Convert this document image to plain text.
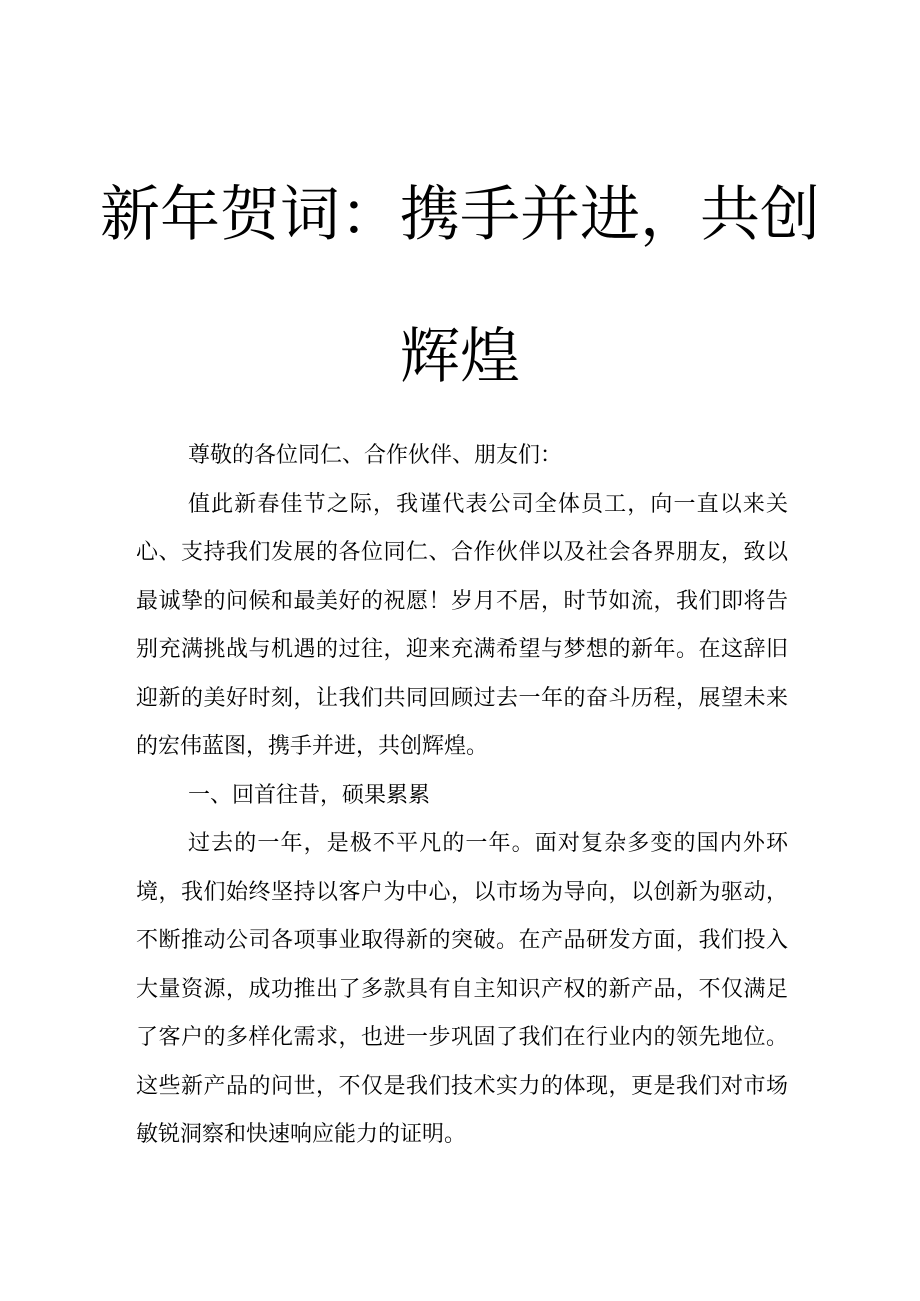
新年贺词：携手并进，共创
辉煌

尊敬的各位同仁、合作伙伴、朋友们：

值此新春佳节之际，我谨代表公司全体员工，向一直以来关心、支持我们发展的各位同仁、合作伙伴以及社会各界朋友，致以最诚挚的问候和最美好的祝愿！岁月不居，时节如流，我们即将告别充满挑战与机遇的过往，迎来充满希望与梦想的新年。在这辞旧迎新的美好时刻，让我们共同回顾过去一年的奋斗历程，展望未来的宏伟蓝图，携手并进，共创辉煌。

一、回首往昔，硕果累累

过去的一年，是极不平凡的一年。面对复杂多变的国内外环境，我们始终坚持以客户为中心，以市场为导向，以创新为驱动，不断推动公司各项事业取得新的突破。在产品研发方面，我们投入大量资源，成功推出了多款具有自主知识产权的新产品，不仅满足了客户的多样化需求，也进一步巩固了我们在行业内的领先地位。这些新产品的问世，不仅是我们技术实力的体现，更是我们对市场敏锐洞察和快速响应能力的证明。
